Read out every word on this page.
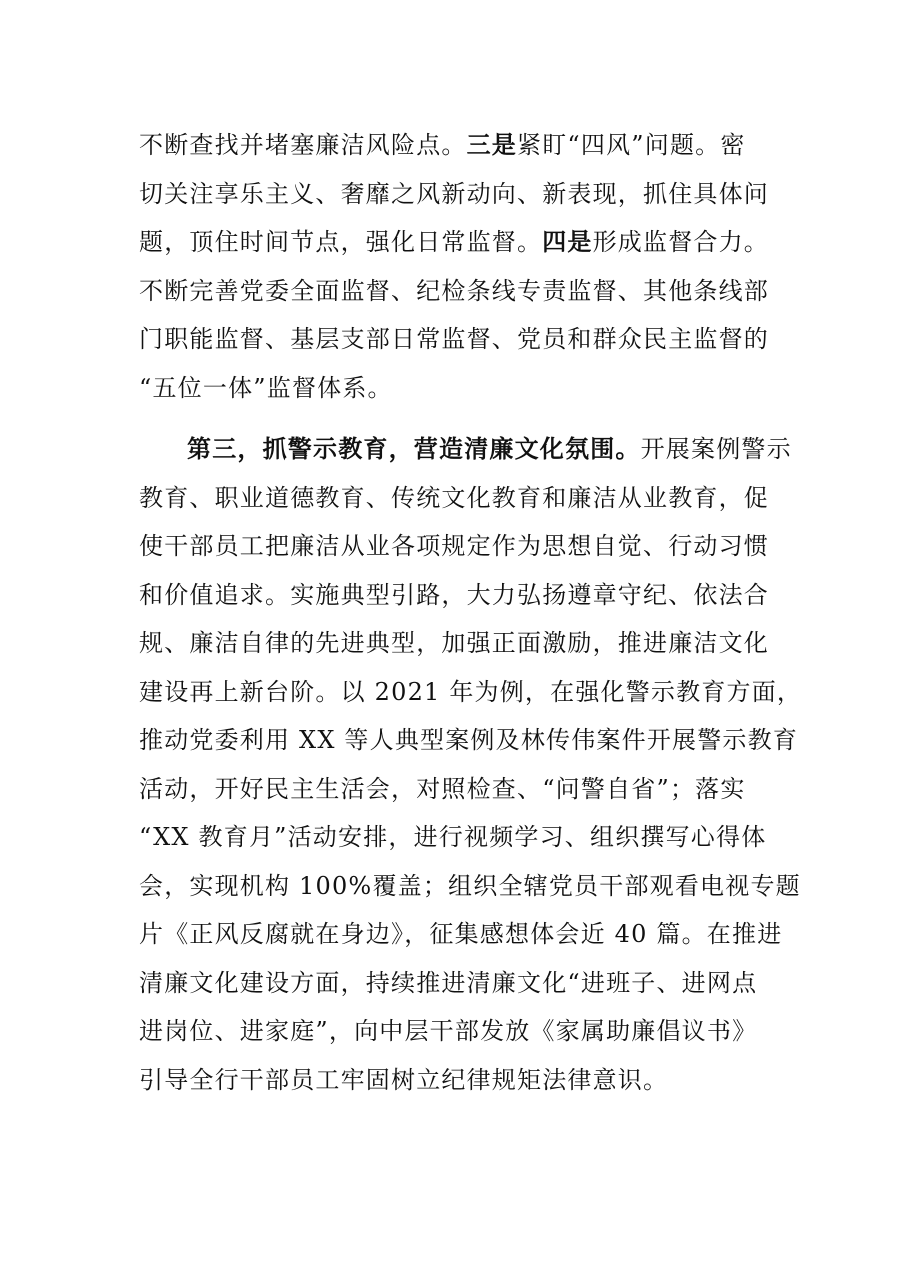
不断查找并堵塞廉洁风险点。三是紧盯“四风”问题。密
切关注享乐主义、奢靡之风新动向、新表现，抓住具体问
题，顶住时间节点，强化日常监督。四是形成监督合力。
不断完善党委全面监督、纪检条线专责监督、其他条线部
门职能监督、基层支部日常监督、党员和群众民主监督的
“五位一体”监督体系。

第三，抓警示教育，营造清廉文化氛围。开展案例警示
教育、职业道德教育、传统文化教育和廉洁从业教育，促
使干部员工把廉洁从业各项规定作为思想自觉、行动习惯
和价值追求。实施典型引路，大力弘扬遵章守纪、依法合
规、廉洁自律的先进典型，加强正面激励，推进廉洁文化
建设再上新台阶。以 2021 年为例，在强化警示教育方面，
推动党委利用 XX 等人典型案例及林传伟案件开展警示教育
活动，开好民主生活会，对照检查、“问警自省”；落实
“XX 教育月”活动安排，进行视频学习、组织撰写心得体
会，实现机构 100%覆盖；组织全辖党员干部观看电视专题
片《正风反腐就在身边》，征集感想体会近 40 篇。在推进
清廉文化建设方面，持续推进清廉文化“进班子、进网点
进岗位、进家庭”，向中层干部发放《家属助廉倡议书》
引导全行干部员工牢固树立纪律规矩法律意识。
